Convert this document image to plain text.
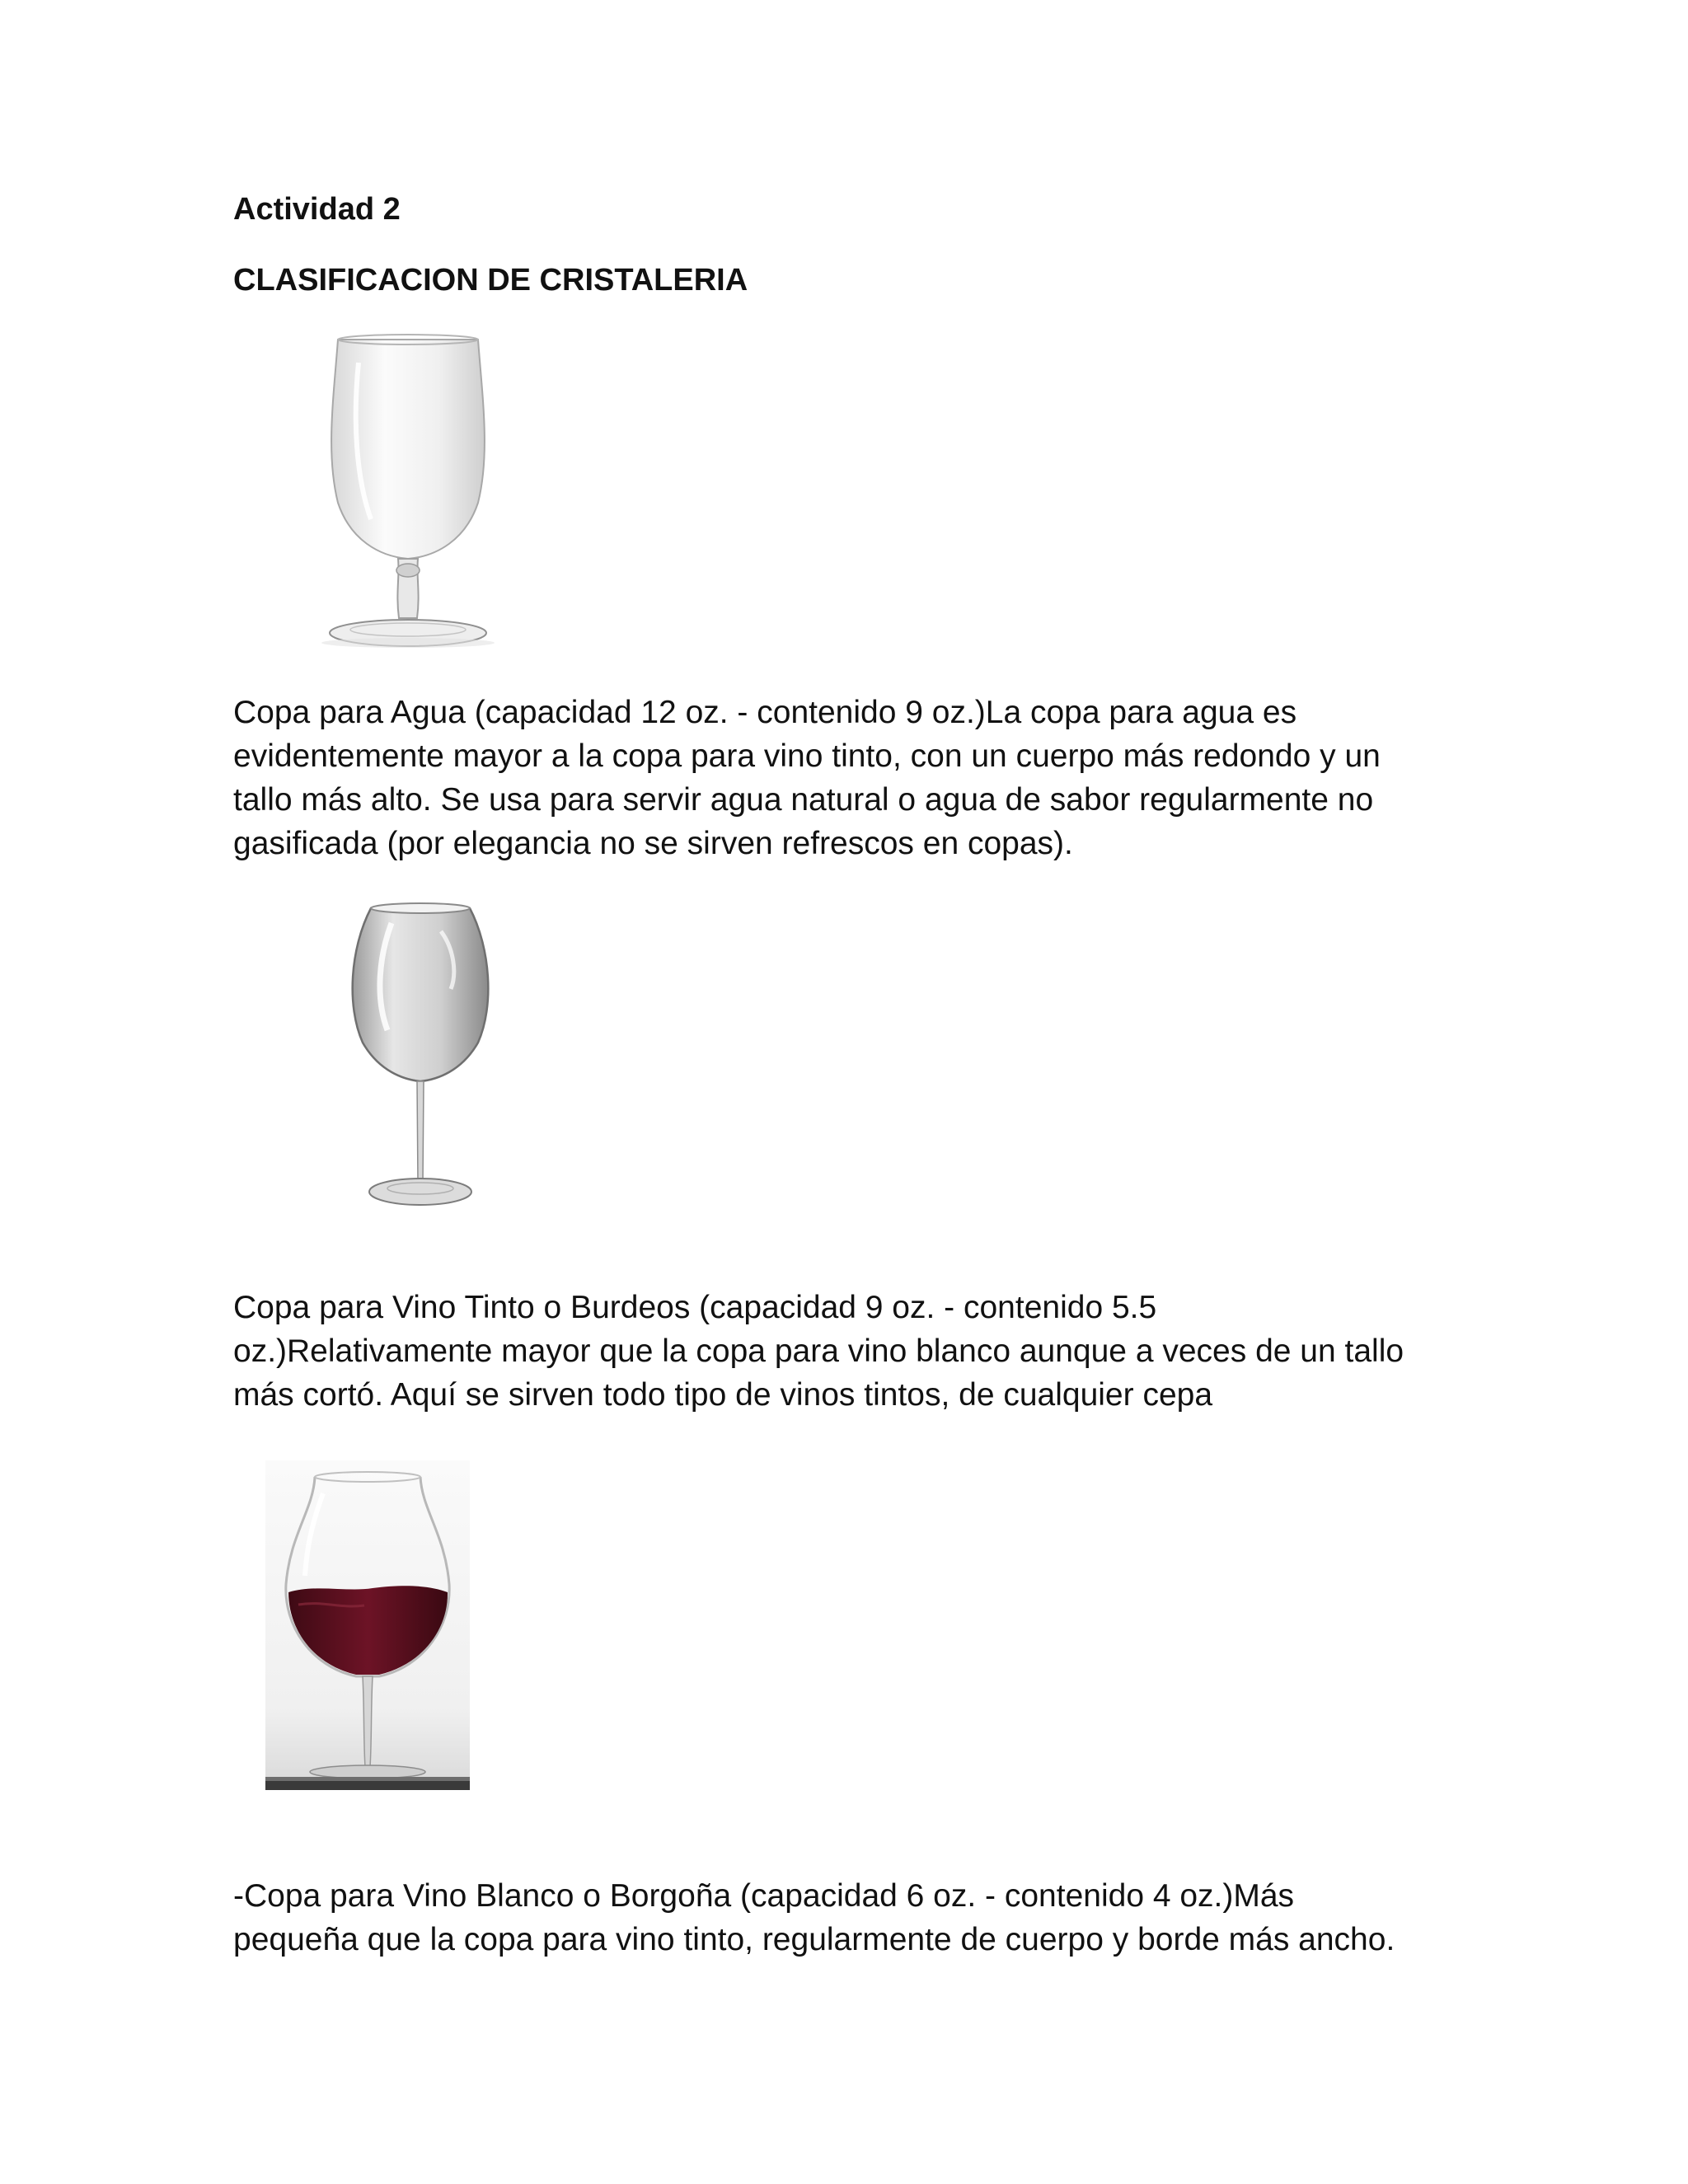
Actividad 2
CLASIFICACION DE CRISTALERIA

Copa para Agua (capacidad 12 oz. - contenido 9 oz.)La copa para agua es
evidentemente mayor a la copa para vino tinto, con un cuerpo más redondo y un
tallo más alto. Se usa para servir agua natural o agua de sabor regularmente no
gasificada (por elegancia no se sirven refrescos en copas).

Copa para Vino Tinto o Burdeos (capacidad 9 oz. - contenido 5.5
oz.)Relativamente mayor que la copa para vino blanco aunque a veces de un tallo
más cortó. Aquí se sirven todo tipo de vinos tintos, de cualquier cepa

-Copa para Vino Blanco o Borgoña (capacidad 6 oz. - contenido 4 oz.)Más
pequeña que la copa para vino tinto, regularmente de cuerpo y borde más ancho.
